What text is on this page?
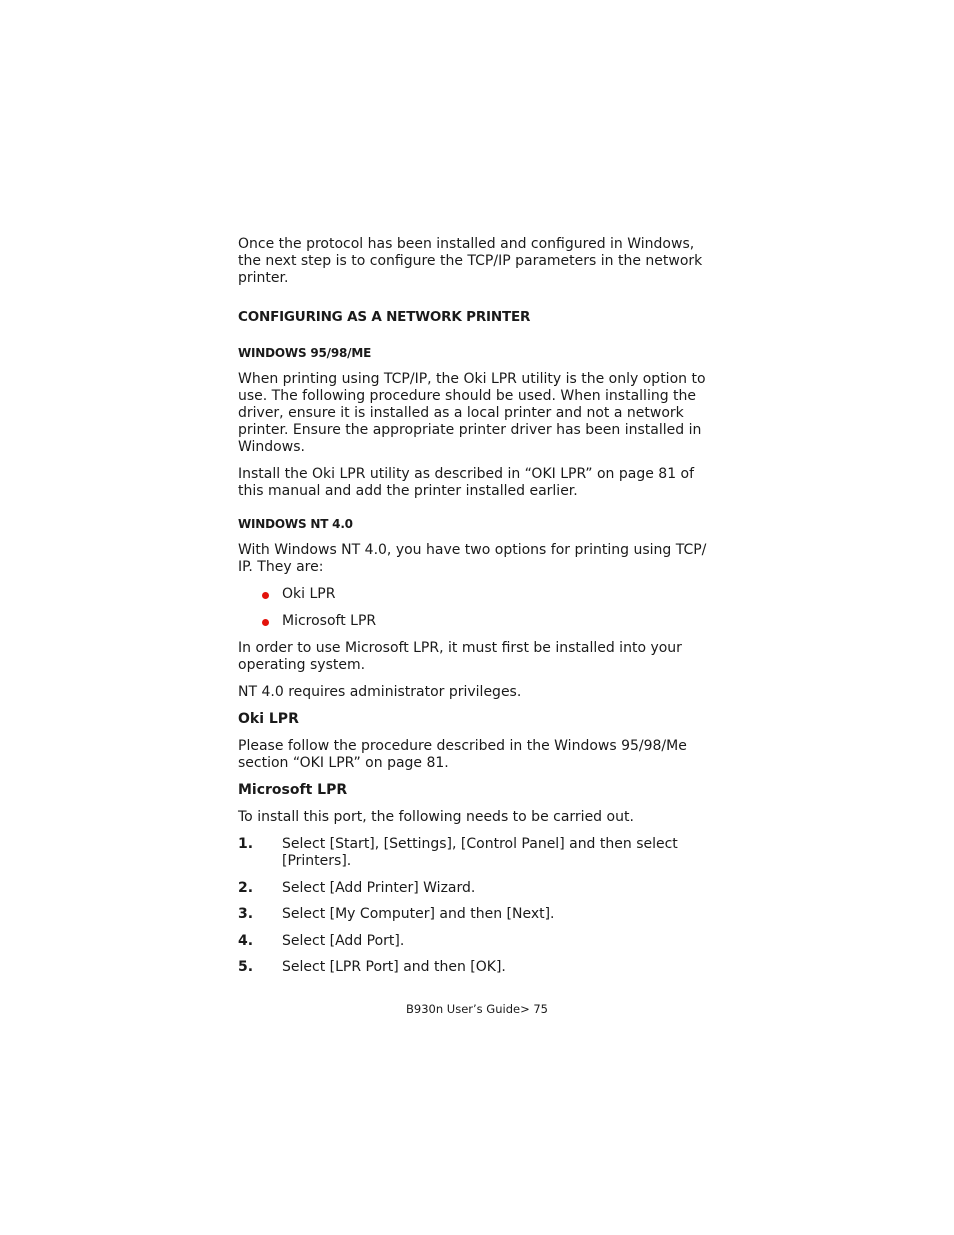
Once the protocol has been installed and configured in Windows, the next step is to configure the TCP/IP parameters in the network printer.

CONFIGURING AS A NETWORK PRINTER
WINDOWS 95/98/ME

When printing using TCP/IP, the Oki LPR utility is the only option to use. The following procedure should be used. When installing the driver, ensure it is installed as a local printer and not a network printer. Ensure the appropriate printer driver has been installed in Windows.

Install the Oki LPR utility as described in “OKI LPR” on page 81 of this manual and add the printer installed earlier.

WINDOWS NT 4.0

With Windows NT 4.0, you have two options for printing using TCP/ IP. They are:

Oki LPR
Microsoft LPR

In order to use Microsoft LPR, it must first be installed into your operating system.

NT 4.0 requires administrator privileges.

Oki LPR

Please follow the procedure described in the Windows 95/98/Me section “OKI LPR” on page 81.

Microsoft LPR

To install this port, the following needs to be carried out.

1. Select [Start], [Settings], [Control Panel] and then select [Printers].
2. Select [Add Printer] Wizard.
3. Select [My Computer] and then [Next].
4. Select [Add Port].
5. Select [LPR Port] and then [OK].
B930n User’s Guide> 75
